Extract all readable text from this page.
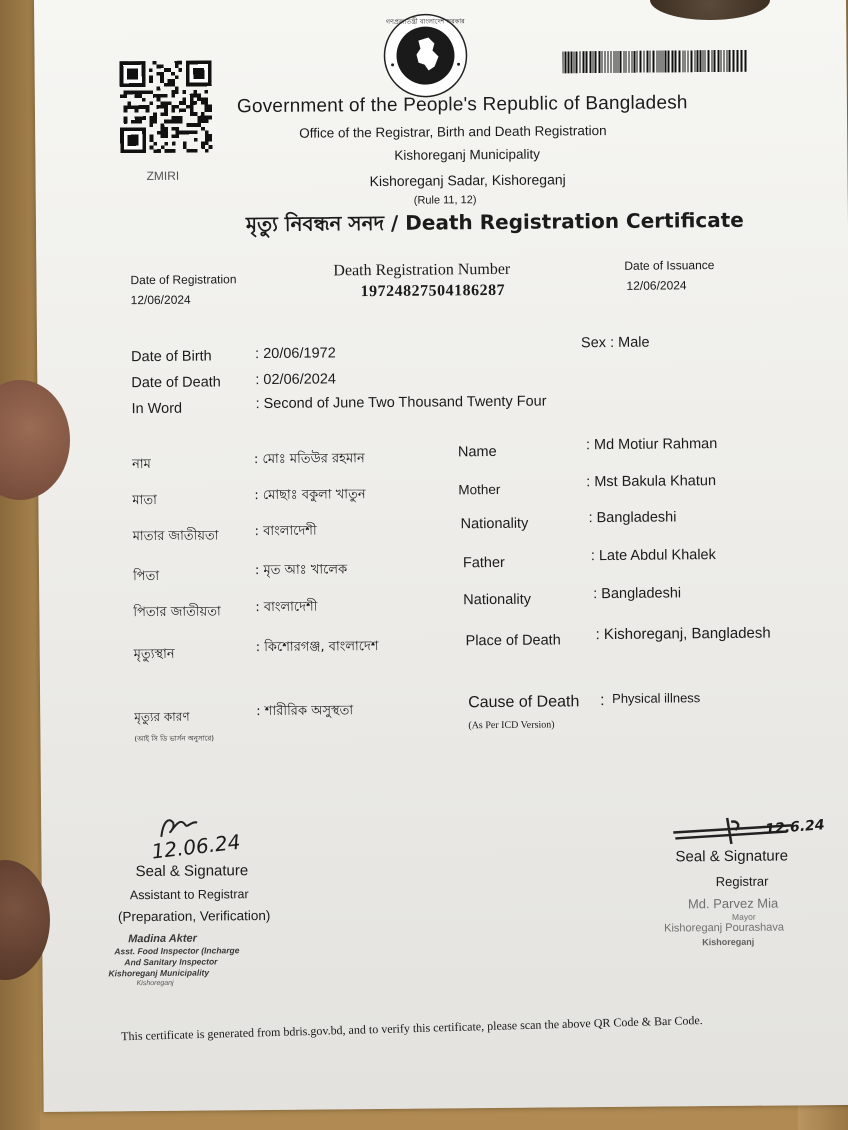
ZMIRI
গণপ্রজাতন্ত্রী বাংলাদেশ সরকার
Government of the People's Republic of Bangladesh
Office of the Registrar, Birth and Death Registration
Kishoreganj Municipality
Kishoreganj Sadar, Kishoreganj
(Rule 11, 12)
মৃত্যু নিবন্ধন সনদ / Death Registration Certificate
Date of Registration
12/06/2024
Death Registration Number
19724827504186287
Date of Issuance
12/06/2024
Date of Birth	: 20/06/1972
Sex : Male
Date of Death : 02/06/2024
In Word	: Second of June Two Thousand Twenty Four
নাম	: মোঃ মতিউর রহমান	Name	: Md Motiur Rahman
মাতা	: মোছাঃ বকুলা খাতুন	Mother	: Mst Bakula Khatun
মাতার জাতীয়তা	: বাংলাদেশী	Nationality	: Bangladeshi
পিতা	: মৃত আঃ খালেক	Father	: Late Abdul Khalek
পিতার জাতীয়তা	: বাংলাদেশী	Nationality	: Bangladeshi
মৃত্যুস্থান	: কিশোরগঞ্জ, বাংলাদেশ	Place of Death : Kishoreganj, Bangladesh
মৃত্যুর কারণ
(আই সি ডি ভার্সন অনুসারে)
: শারীরিক অসুস্থতা	Cause of Death : Physical illness
(As Per ICD Version)
12.06.24
Seal & Signature
Assistant to Registrar
(Preparation, Verification)
Madina Akter
Asst. Food Inspector (Incharge
And Sanitary Inspector
Kishoreganj Municipality
Kishoreganj
12.6.24
Seal & Signature
Registrar
Md. Parvez Mia
Mayor
Kishoreganj Pourashava
Kishoreganj
This certificate is generated from bdris.gov.bd, and to verify this certificate, please scan the above QR Code & Bar Code.
